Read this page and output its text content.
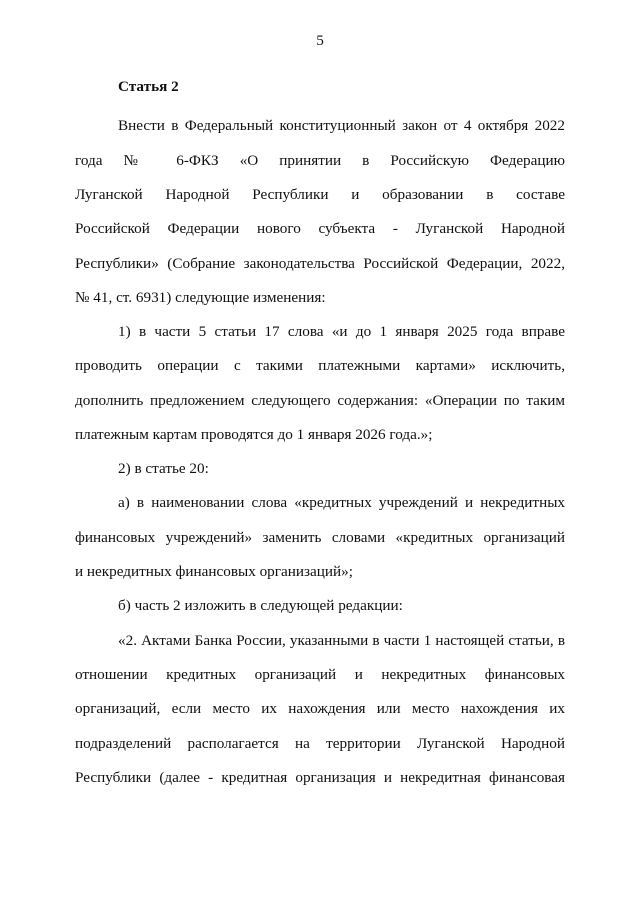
5
Статья 2
Внести в Федеральный конституционный закон от 4 октября 2022
года № 6-ФКЗ «О принятии в Российскую Федерацию
Луганской Народной Республики и образовании в составе
Российской Федерации нового субъекта - Луганской Народной
Республики» (Собрание законодательства Российской Федерации, 2022,
№ 41, ст. 6931) следующие изменения:
1) в части 5 статьи 17 слова «и до 1 января 2025 года вправе
проводить операции с такими платежными картами» исключить,
дополнить предложением следующего содержания: «Операции по таким
платежным картам проводятся до 1 января 2026 года.»;
2) в статье 20:
а) в наименовании слова «кредитных учреждений и некредитных
финансовых учреждений» заменить словами «кредитных организаций
и некредитных финансовых организаций»;
б) часть 2 изложить в следующей редакции:
«2. Актами Банка России, указанными в части 1 настоящей статьи, в
отношении кредитных организаций и некредитных финансовых
организаций, если место их нахождения или место нахождения их
подразделений располагается на территории Луганской Народной
Республики (далее - кредитная организация и некредитная финансовая
